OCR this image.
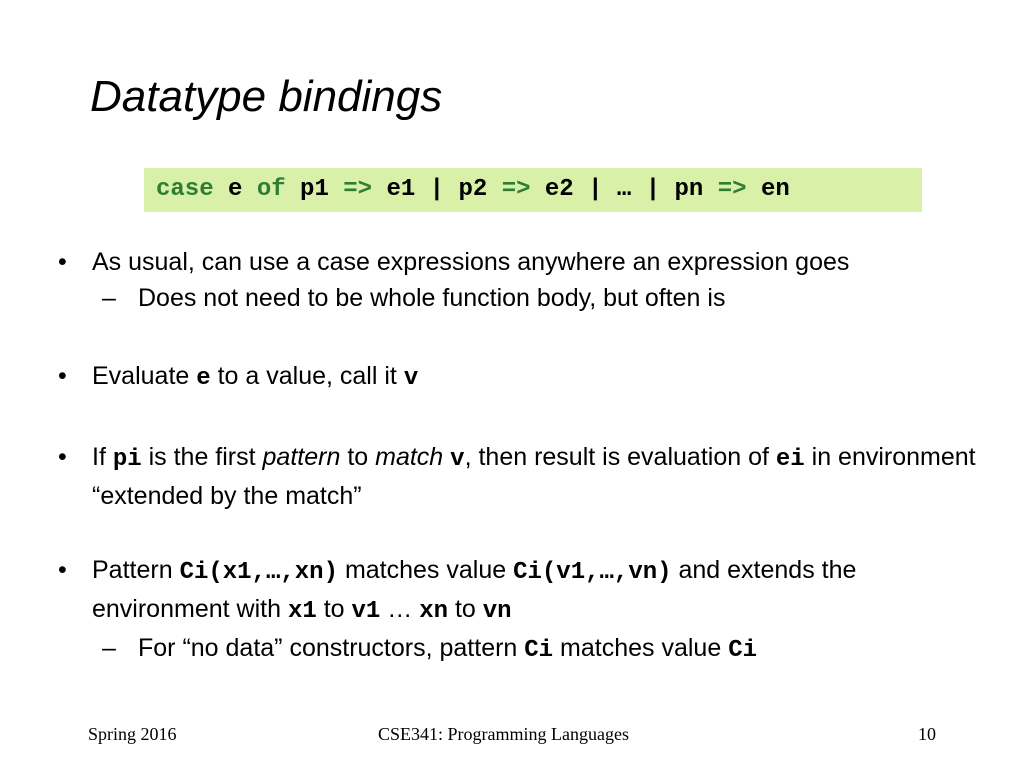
Datatype bindings
case e of p1 => e1 | p2 => e2 | … | pn => en
• As usual, can use a case expressions anywhere an expression goes
– Does not need to be whole function body, but often is
• Evaluate e to a value, call it v
• If pi is the first pattern to match v, then result is evaluation of ei in environment “extended by the match”
• Pattern Ci(x1,…,xn) matches value Ci(v1,…,vn) and extends the environment with x1 to v1 … xn to vn
– For “no data” constructors, pattern Ci matches value Ci
Spring 2016	CSE341: Programming Languages	10
